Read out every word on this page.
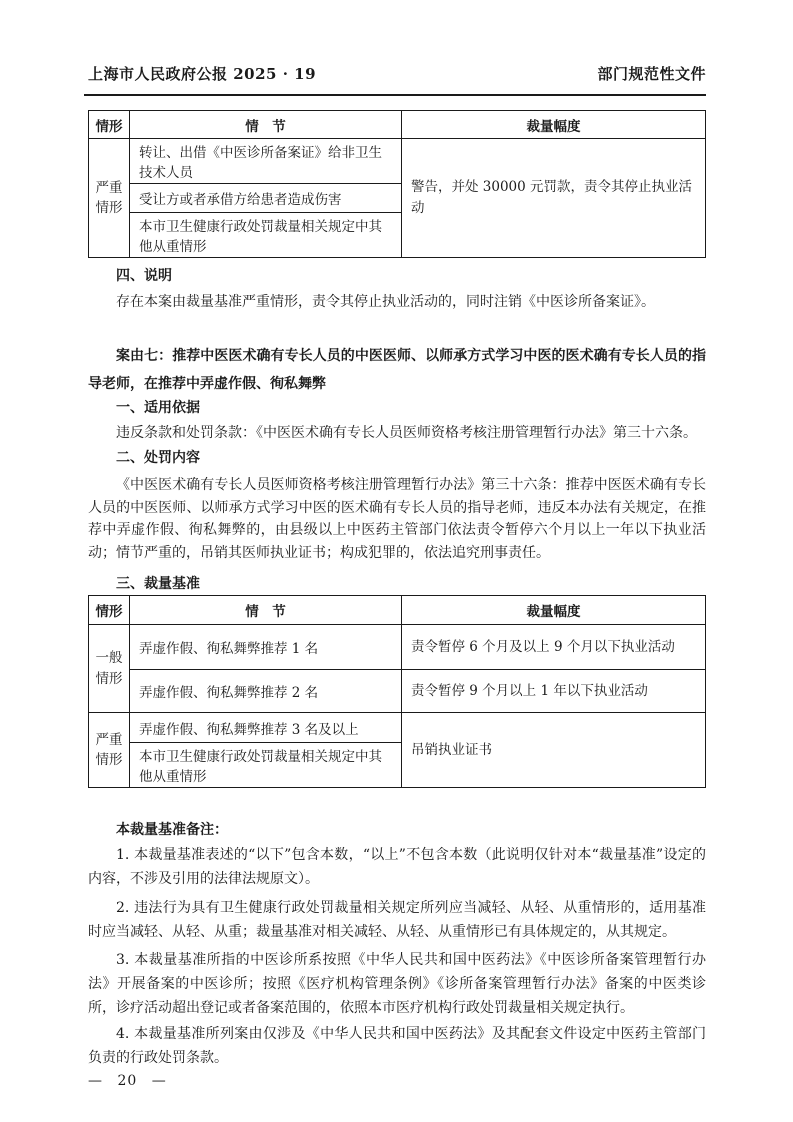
上海市人民政府公报 2025 · 19	部门规范性文件
情形	情　节	裁量幅度
严重情形	转让、出借《中医诊所备案证》给非卫生技术人员	警告，并处 30000 元罚款，责令其停止执业活动
	受让方或者承借方给患者造成伤害	
	本市卫生健康行政处罚裁量相关规定中其他从重情形	
四、说明
存在本案由裁量基准严重情形，责令其停止执业活动的，同时注销《中医诊所备案证》。
案由七：推荐中医医术确有专长人员的中医医师、以师承方式学习中医的医术确有专长人员的指导老师，在推荐中弄虚作假、徇私舞弊
一、适用依据
违反条款和处罚条款：《中医医术确有专长人员医师资格考核注册管理暂行办法》第三十六条。
二、处罚内容
《中医医术确有专长人员医师资格考核注册管理暂行办法》第三十六条：推荐中医医术确有专长人员的中医医师、以师承方式学习中医的医术确有专长人员的指导老师，违反本办法有关规定，在推荐中弄虚作假、徇私舞弊的，由县级以上中医药主管部门依法责令暂停六个月以上一年以下执业活动；情节严重的，吊销其医师执业证书；构成犯罪的，依法追究刑事责任。
三、裁量基准
情形	情　节	裁量幅度
一般情形	弄虚作假、徇私舞弊推荐 1 名	责令暂停 6 个月及以上 9 个月以下执业活动
	弄虚作假、徇私舞弊推荐 2 名	责令暂停 9 个月以上 1 年以下执业活动
严重情形	弄虚作假、徇私舞弊推荐 3 名及以上	吊销执业证书
	本市卫生健康行政处罚裁量相关规定中其他从重情形	
本裁量基准备注：
1. 本裁量基准表述的“以下”包含本数，“以上”不包含本数（此说明仅针对本“裁量基准”设定的内容，不涉及引用的法律法规原文）。
2. 违法行为具有卫生健康行政处罚裁量相关规定所列应当减轻、从轻、从重情形的，适用基准时应当减轻、从轻、从重；裁量基准对相关减轻、从轻、从重情形已有具体规定的，从其规定。
3. 本裁量基准所指的中医诊所系按照《中华人民共和国中医药法》《中医诊所备案管理暂行办法》开展备案的中医诊所；按照《医疗机构管理条例》《诊所备案管理暂行办法》备案的中医类诊所，诊疗活动超出登记或者备案范围的，依照本市医疗机构行政处罚裁量相关规定执行。
4. 本裁量基准所列案由仅涉及《中华人民共和国中医药法》及其配套文件设定中医药主管部门负责的行政处罚条款。
— 20 —
